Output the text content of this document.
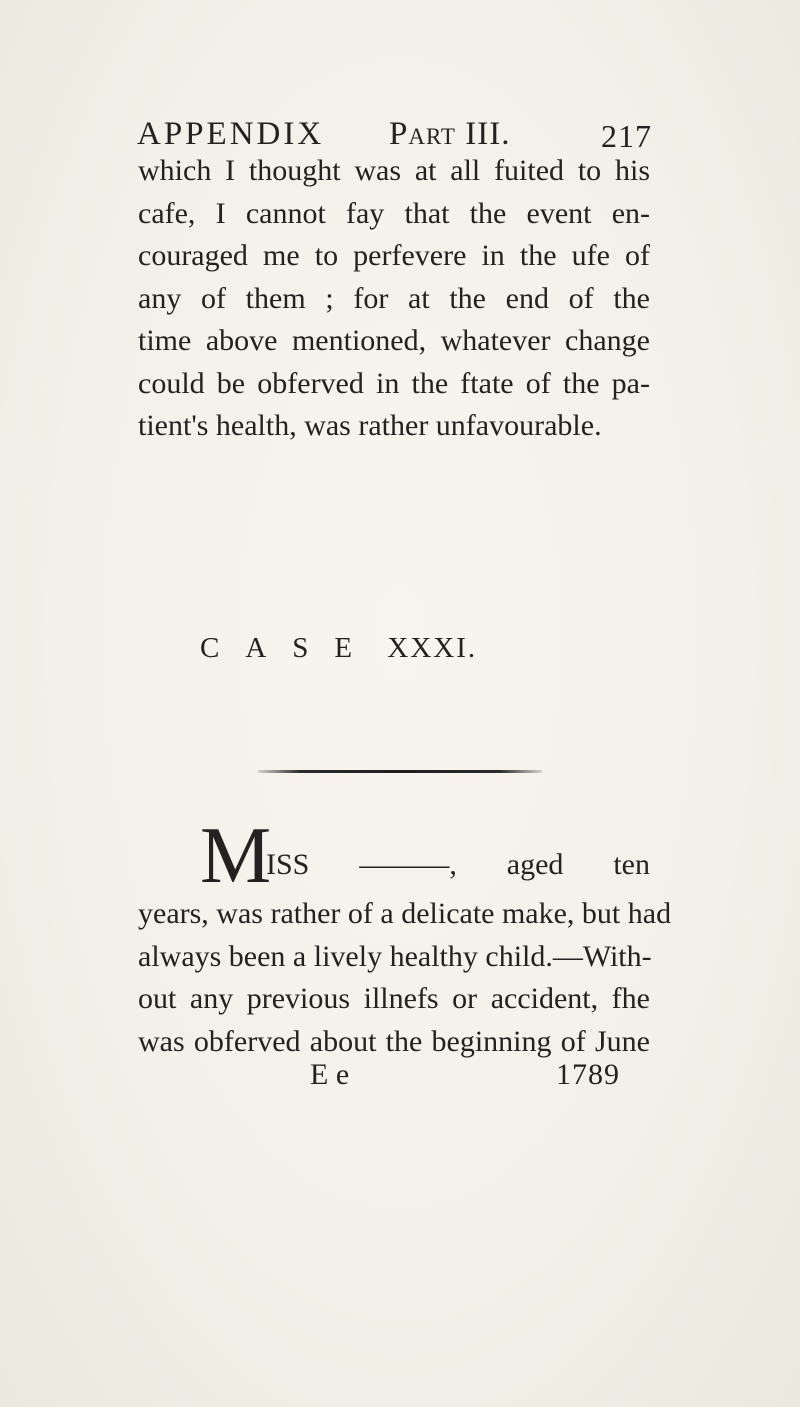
APPENDIX Part III.	217
which I thought was at all fuited to his
cafe, I cannot fay that the event en-
couraged me to perfevere in the ufe of
any of them ; for at the end of the
time above mentioned, whatever change
could be obferved in the ftate of the pa-
tient's health, was rather unfavourable.
CASE XXXI.
M
ISS ———, aged ten
years, was rather of a delicate make, but had
always been a lively healthy child.—With-
out any previous illnefs or accident, fhe
was obferved about the beginning of June
E e	1789
